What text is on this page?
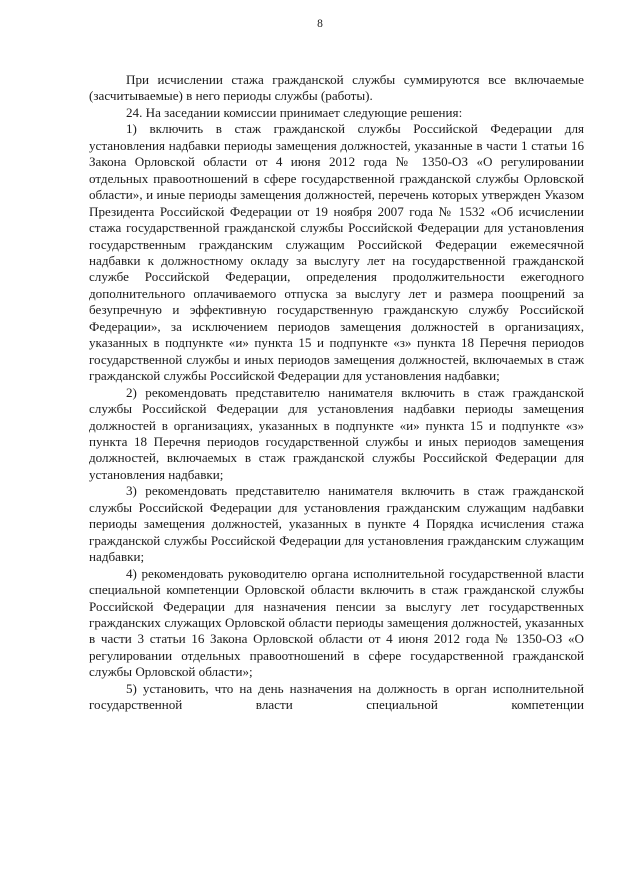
8

При исчислении стажа гражданской службы суммируются все включаемые (засчитываемые) в него периоды службы (работы).

24. На заседании комиссии принимает следующие решения:

1) включить в стаж гражданской службы Российской Федерации для установления надбавки периоды замещения должностей, указанные в части 1 статьи 16 Закона Орловской области от 4 июня 2012 года № 1350-ОЗ «О регулировании отдельных правоотношений в сфере государственной гражданской службы Орловской области», и иные периоды замещения должностей, перечень которых утвержден Указом Президента Российской Федерации от 19 ноября 2007 года № 1532 «Об исчислении стажа государственной гражданской службы Российской Федерации для установления государственным гражданским служащим Российской Федерации ежемесячной надбавки к должностному окладу за выслугу лет на государственной гражданской службе Российской Федерации, определения продолжительности ежегодного дополнительного оплачиваемого отпуска за выслугу лет и размера поощрений за безупречную и эффективную государственную гражданскую службу Российской Федерации», за исключением периодов замещения должностей в организациях, указанных в подпункте «и» пункта 15 и подпункте «з» пункта 18 Перечня периодов государственной службы и иных периодов замещения должностей, включаемых в стаж гражданской службы Российской Федерации для установления надбавки;

2) рекомендовать представителю нанимателя включить в стаж гражданской службы Российской Федерации для установления надбавки периоды замещения должностей в организациях, указанных в подпункте «и» пункта 15 и подпункте «з» пункта 18 Перечня периодов государственной службы и иных периодов замещения должностей, включаемых в стаж гражданской службы Российской Федерации для установления надбавки;

3) рекомендовать представителю нанимателя включить в стаж гражданской службы Российской Федерации для установления гражданским служащим надбавки периоды замещения должностей, указанных в пункте 4 Порядка исчисления стажа гражданской службы Российской Федерации для установления гражданским служащим надбавки;

4) рекомендовать руководителю органа исполнительной государственной власти специальной компетенции Орловской области включить в стаж гражданской службы Российской Федерации для назначения пенсии за выслугу лет государственных гражданских служащих Орловской области периоды замещения должностей, указанных в части 3 статьи 16 Закона Орловской области от 4 июня 2012 года № 1350-ОЗ «О регулировании отдельных правоотношений в сфере государственной гражданской службы Орловской области»;

5) установить, что на день назначения на должность в орган исполнительной государственной власти специальной компетенции
